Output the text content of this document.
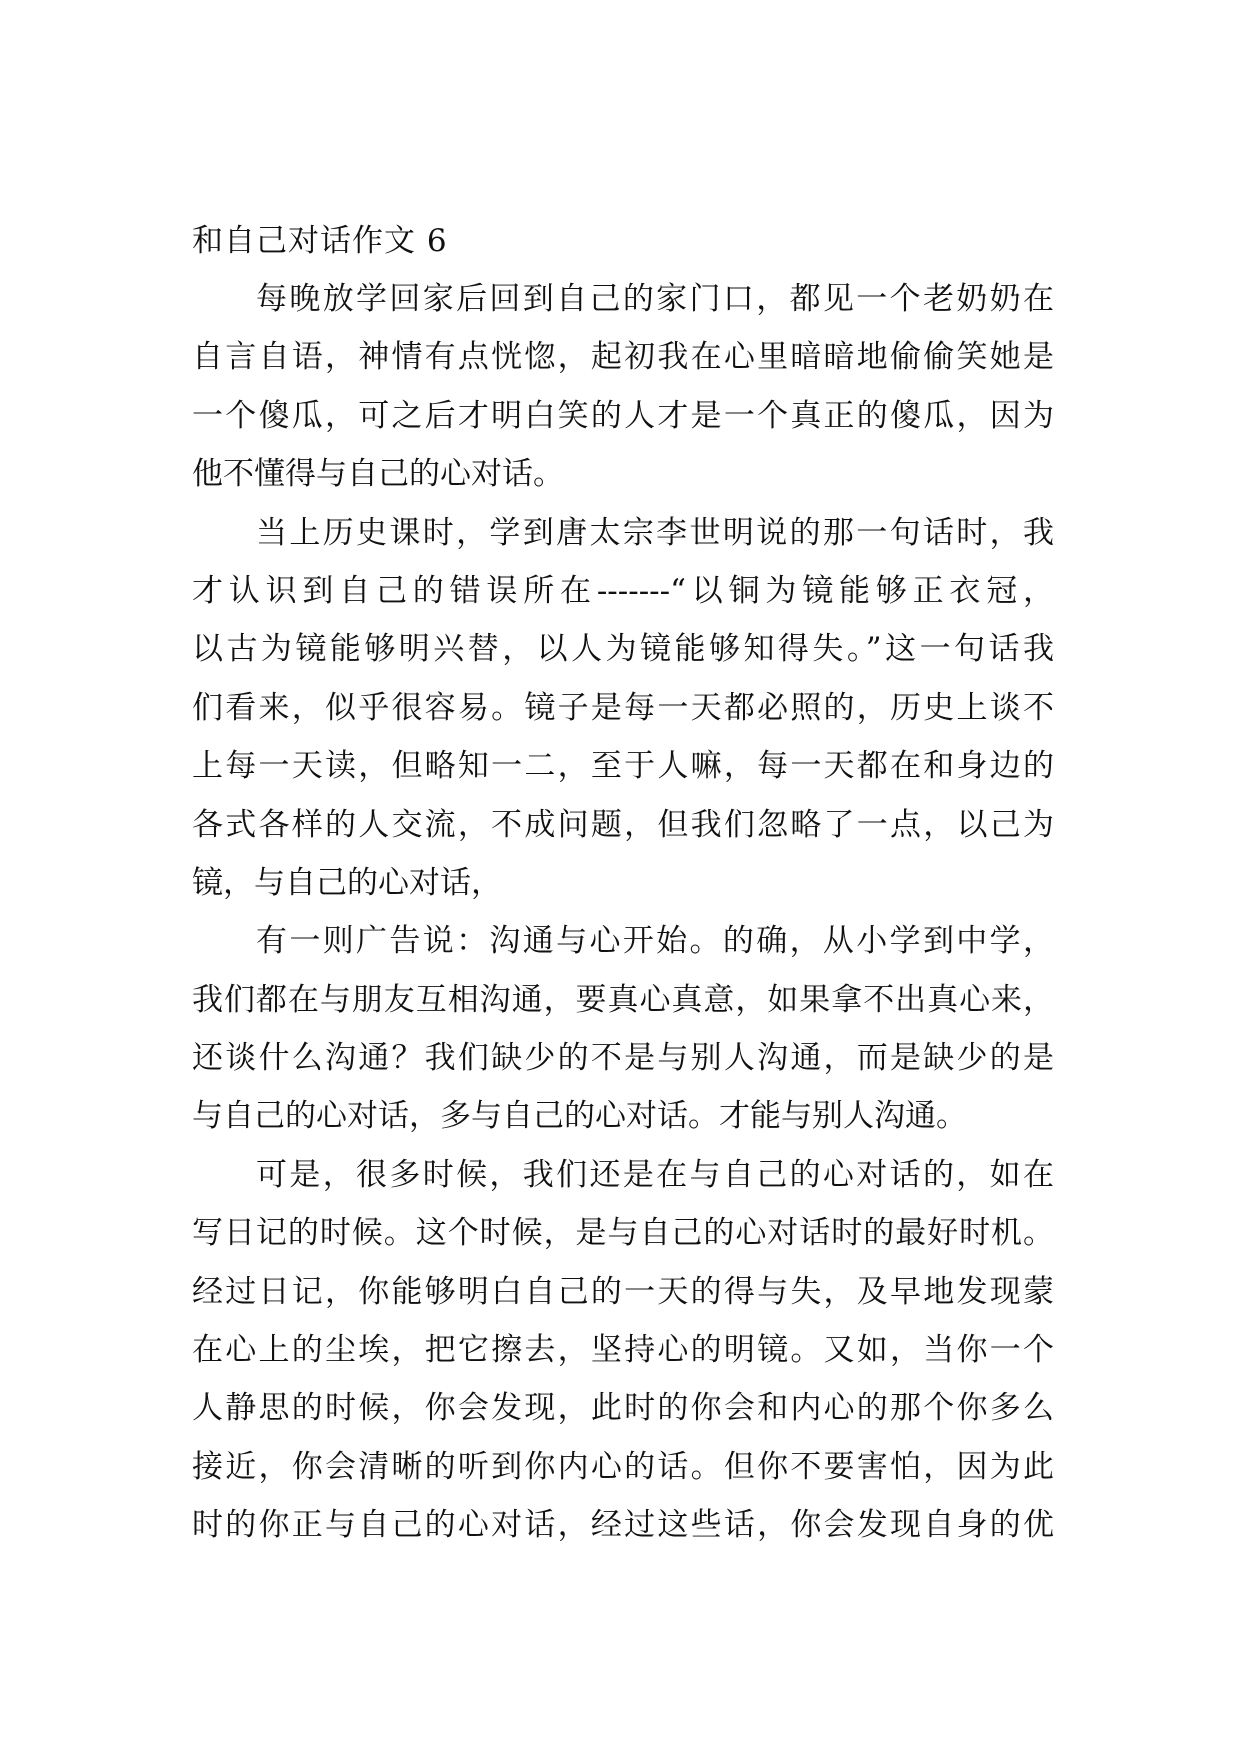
和自己对话作文 6
每晚放学回家后回到自己的家门口，都见一个老奶奶在
自言自语，神情有点恍惚，起初我在心里暗暗地偷偷笑她是
一个傻瓜，可之后才明白笑的人才是一个真正的傻瓜，因为
他不懂得与自己的心对话。
当上历史课时，学到唐太宗李世明说的那一句话时，我
才认识到自己的错误所在-------“以铜为镜能够正衣冠，
以古为镜能够明兴替，以人为镜能够知得失。”这一句话我
们看来，似乎很容易。镜子是每一天都必照的，历史上谈不
上每一天读，但略知一二，至于人嘛，每一天都在和身边的
各式各样的人交流，不成问题，但我们忽略了一点，以己为
镜，与自己的心对话，
有一则广告说：沟通与心开始。的确，从小学到中学，
我们都在与朋友互相沟通，要真心真意，如果拿不出真心来，
还谈什么沟通？我们缺少的不是与别人沟通，而是缺少的是
与自己的心对话，多与自己的心对话。才能与别人沟通。
可是，很多时候，我们还是在与自己的心对话的，如在
写日记的时候。这个时候，是与自己的心对话时的最好时机。
经过日记，你能够明白自己的一天的得与失，及早地发现蒙
在心上的尘埃，把它擦去，坚持心的明镜。又如，当你一个
人静思的时候，你会发现，此时的你会和内心的那个你多么
接近，你会清晰的听到你内心的话。但你不要害怕，因为此
时的你正与自己的心对话，经过这些话，你会发现自身的优
